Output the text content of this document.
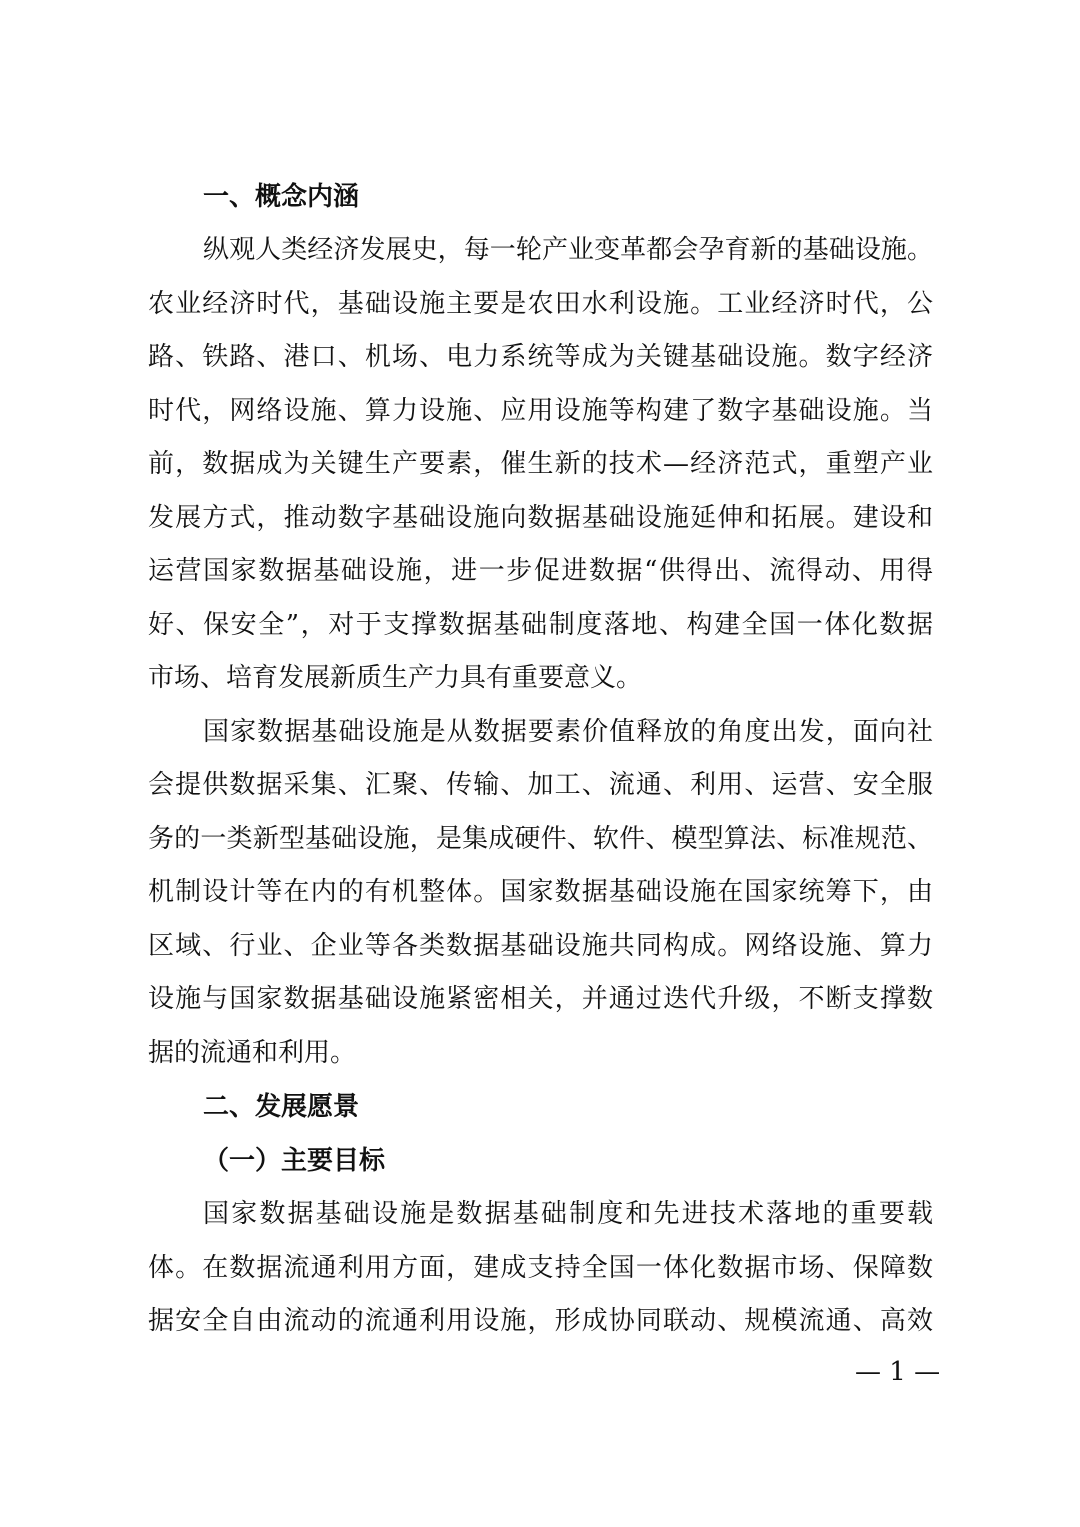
一、概念内涵
纵观人类经济发展史，每一轮产业变革都会孕育新的基础设施。
农业经济时代，基础设施主要是农田水利设施。工业经济时代，公
路、铁路、港口、机场、电力系统等成为关键基础设施。数字经济
时代，网络设施、算力设施、应用设施等构建了数字基础设施。当
前，数据成为关键生产要素，催生新的技术—经济范式，重塑产业
发展方式，推动数字基础设施向数据基础设施延伸和拓展。建设和
运营国家数据基础设施，进一步促进数据“供得出、流得动、用得
好、保安全”，对于支撑数据基础制度落地、构建全国一体化数据
市场、培育发展新质生产力具有重要意义。
国家数据基础设施是从数据要素价值释放的角度出发，面向社
会提供数据采集、汇聚、传输、加工、流通、利用、运营、安全服
务的一类新型基础设施，是集成硬件、软件、模型算法、标准规范、
机制设计等在内的有机整体。国家数据基础设施在国家统筹下，由
区域、行业、企业等各类数据基础设施共同构成。网络设施、算力
设施与国家数据基础设施紧密相关，并通过迭代升级，不断支撑数
据的流通和利用。
二、发展愿景
（一）主要目标
国家数据基础设施是数据基础制度和先进技术落地的重要载
体。在数据流通利用方面，建成支持全国一体化数据市场、保障数
据安全自由流动的流通利用设施，形成协同联动、规模流通、高效
— 1 —
